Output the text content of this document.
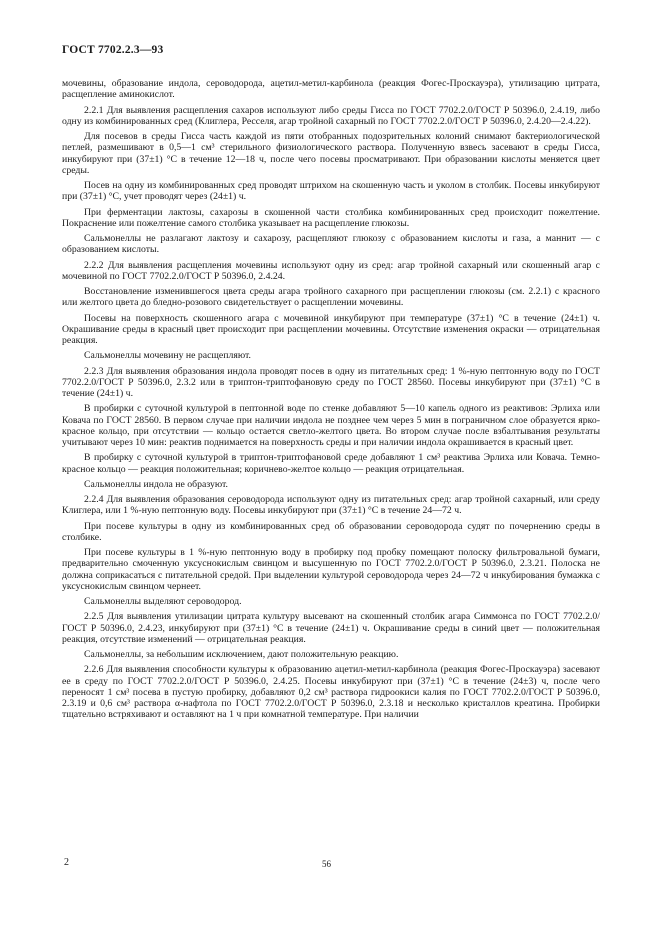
ГОСТ 7702.2.3—93

мочевины, образование индола, сероводорода, ацетил-метил-карбинола (реакция Фогес-Проскауэра), утилизацию цитрата, расщепление аминокислот.

2.2.1 Для выявления расщепления сахаров используют либо среды Гисса по ГОСТ 7702.2.0/ГОСТ Р 50396.0, 2.4.19, либо одну из комбинированных сред (Клиглера, Ресселя, агар тройной сахарный по ГОСТ 7702.2.0/ГОСТ Р 50396.0, 2.4.20—2.4.22).

Для посевов в среды Гисса часть каждой из пяти отобранных подозрительных колоний снимают бактериологической петлей, размешивают в 0,5—1 см³ стерильного физиологического раствора. Полученную взвесь засевают в среды Гисса, инкубируют при (37±1) °С в течение 12—18 ч, после чего посевы просматривают. При образовании кислоты меняется цвет среды.

Посев на одну из комбинированных сред проводят штрихом на скошенную часть и уколом в столбик. Посевы инкубируют при (37±1) °С, учет проводят через (24±1) ч.

При ферментации лактозы, сахарозы в скошенной части столбика комбинированных сред происходит пожелтение. Покраснение или пожелтение самого столбика указывает на расщепление глюкозы.

Сальмонеллы не разлагают лактозу и сахарозу, расщепляют глюкозу с образованием кислоты и газа, а маннит — с образованием кислоты.

2.2.2 Для выявления расщепления мочевины используют одну из сред: агар тройной сахарный или скошенный агар с мочевиной по ГОСТ 7702.2.0/ГОСТ Р 50396.0, 2.4.24.

Восстановление изменившегося цвета среды агара тройного сахарного при расщеплении глюкозы (см. 2.2.1) с красного или желтого цвета до бледно-розового свидетельствует о расщеплении мочевины.

Посевы на поверхность скошенного агара с мочевиной инкубируют при температуре (37±1) °С в течение (24±1) ч. Окрашивание среды в красный цвет происходит при расщеплении мочевины. Отсутствие изменения окраски — отрицательная реакция.

Сальмонеллы мочевину не расщепляют.

2.2.3 Для выявления образования индола проводят посев в одну из питательных сред: 1 %-ную пептонную воду по ГОСТ 7702.2.0/ГОСТ Р 50396.0, 2.3.2 или в триптон-триптофановую среду по ГОСТ 28560. Посевы инкубируют при (37±1) °С в течение (24±1) ч.

В пробирки с суточной культурой в пептонной воде по стенке добавляют 5—10 капель одного из реактивов: Эрлиха или Ковача по ГОСТ 28560. В первом случае при наличии индола не позднее чем через 5 мин в пограничном слое образуется ярко-красное кольцо, при отсутствии — кольцо остается светло-желтого цвета. Во втором случае после взбалтывания результаты учитывают через 10 мин: реактив поднимается на поверхность среды и при наличии индола окрашивается в красный цвет.

В пробирку с суточной культурой в триптон-триптофановой среде добавляют 1 см³ реактива Эрлиха или Ковача. Темно-красное кольцо — реакция положительная; коричнево-желтое кольцо — реакция отрицательная.

Сальмонеллы индола не образуют.

2.2.4 Для выявления образования сероводорода используют одну из питательных сред: агар тройной сахарный, или среду Клиглера, или 1 %-ную пептонную воду. Посевы инкубируют при (37±1) °С в течение 24—72 ч.

При посеве культуры в одну из комбинированных сред об образовании сероводорода судят по почернению среды в столбике.

При посеве культуры в 1 %-ную пептонную воду в пробирку под пробку помещают полоску фильтровальной бумаги, предварительно смоченную уксуснокислым свинцом и высушенную по ГОСТ 7702.2.0/ГОСТ Р 50396.0, 2.3.21. Полоска не должна соприкасаться с питательной средой. При выделении культурой сероводорода через 24—72 ч инкубирования бумажка с уксуснокислым свинцом чернеет.

Сальмонеллы выделяют сероводород.

2.2.5 Для выявления утилизации цитрата культуру высевают на скошенный столбик агара Симмонса по ГОСТ 7702.2.0/ГОСТ Р 50396.0, 2.4.23, инкубируют при (37±1) °С в течение (24±1) ч. Окрашивание среды в синий цвет — положительная реакция, отсутствие изменений — отрицательная реакция.

Сальмонеллы, за небольшим исключением, дают положительную реакцию.

2.2.6 Для выявления способности культуры к образованию ацетил-метил-карбинола (реакция Фогес-Проскауэра) засевают ее в среду по ГОСТ 7702.2.0/ГОСТ Р 50396.0, 2.4.25. Посевы инкубируют при (37±1) °С в течение (24±3) ч, после чего переносят 1 см³ посева в пустую пробирку, добавляют 0,2 см³ раствора гидроокиси калия по ГОСТ 7702.2.0/ГОСТ Р 50396.0, 2.3.19 и 0,6 см³ раствора α-нафтола по ГОСТ 7702.2.0/ГОСТ Р 50396.0, 2.3.18 и несколько кристаллов креатина. Пробирки тщательно встряхивают и оставляют на 1 ч при комнатной температуре. При наличии

2	56
